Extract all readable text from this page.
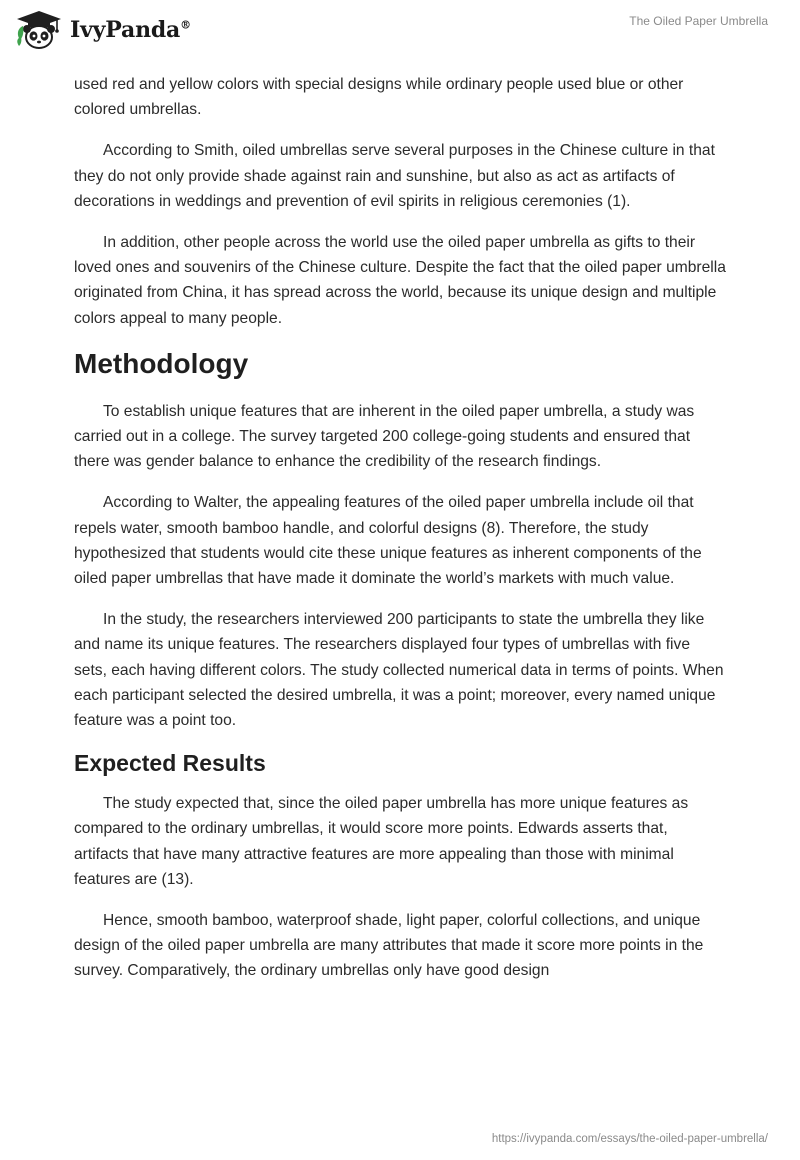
IvyPanda®	The Oiled Paper Umbrella

used red and yellow colors with special designs while ordinary people used blue or other colored umbrellas.

According to Smith, oiled umbrellas serve several purposes in the Chinese culture in that they do not only provide shade against rain and sunshine, but also as act as artifacts of decorations in weddings and prevention of evil spirits in religious ceremonies (1).

In addition, other people across the world use the oiled paper umbrella as gifts to their loved ones and souvenirs of the Chinese culture. Despite the fact that the oiled paper umbrella originated from China, it has spread across the world, because its unique design and multiple colors appeal to many people.

Methodology

To establish unique features that are inherent in the oiled paper umbrella, a study was carried out in a college. The survey targeted 200 college-going students and ensured that there was gender balance to enhance the credibility of the research findings.

According to Walter, the appealing features of the oiled paper umbrella include oil that repels water, smooth bamboo handle, and colorful designs (8). Therefore, the study hypothesized that students would cite these unique features as inherent components of the oiled paper umbrellas that have made it dominate the world’s markets with much value.

In the study, the researchers interviewed 200 participants to state the umbrella they like and name its unique features. The researchers displayed four types of umbrellas with five sets, each having different colors. The study collected numerical data in terms of points. When each participant selected the desired umbrella, it was a point; moreover, every named unique feature was a point too.

Expected Results

The study expected that, since the oiled paper umbrella has more unique features as compared to the ordinary umbrellas, it would score more points. Edwards asserts that, artifacts that have many attractive features are more appealing than those with minimal features are (13).

Hence, smooth bamboo, waterproof shade, light paper, colorful collections, and unique design of the oiled paper umbrella are many attributes that made it score more points in the survey. Comparatively, the ordinary umbrellas only have good design

https://ivypanda.com/essays/the-oiled-paper-umbrella/
